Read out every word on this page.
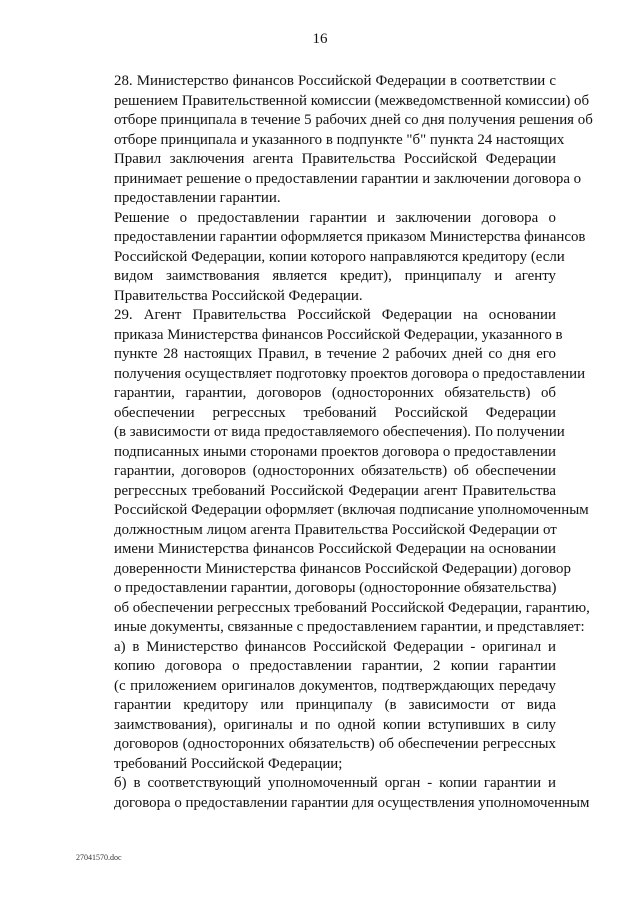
16
28. Министерство финансов Российской Федерации в соответствии с
решением Правительственной комиссии (межведомственной комиссии) об
отборе принципала в течение 5 рабочих дней со дня получения решения об
отборе принципала и указанного в подпункте "б" пункта 24 настоящих
Правил заключения агента Правительства Российской Федерации
принимает решение о предоставлении гарантии и заключении договора о
предоставлении гарантии.
Решение о предоставлении гарантии и заключении договора о
предоставлении гарантии оформляется приказом Министерства финансов
Российской Федерации, копии которого направляются кредитору (если
видом заимствования является кредит), принципалу и агенту
Правительства Российской Федерации.
29. Агент Правительства Российской Федерации на основании
приказа Министерства финансов Российской Федерации, указанного в
пункте 28 настоящих Правил, в течение 2 рабочих дней со дня его
получения осуществляет подготовку проектов договора о предоставлении
гарантии, гарантии, договоров (односторонних обязательств) об
обеспечении регрессных требований Российской Федерации
(в зависимости от вида предоставляемого обеспечения). По получении
подписанных иными сторонами проектов договора о предоставлении
гарантии, договоров (односторонних обязательств) об обеспечении
регрессных требований Российской Федерации агент Правительства
Российской Федерации оформляет (включая подписание уполномоченным
должностным лицом агента Правительства Российской Федерации от
имени Министерства финансов Российской Федерации на основании
доверенности Министерства финансов Российской Федерации) договор
о предоставлении гарантии, договоры (односторонние обязательства)
об обеспечении регрессных требований Российской Федерации, гарантию,
иные документы, связанные с предоставлением гарантии, и представляет:
а) в Министерство финансов Российской Федерации - оригинал и
копию договора о предоставлении гарантии, 2 копии гарантии
(с приложением оригиналов документов, подтверждающих передачу
гарантии кредитору или принципалу (в зависимости от вида
заимствования), оригиналы и по одной копии вступивших в силу
договоров (односторонних обязательств) об обеспечении регрессных
требований Российской Федерации;
б) в соответствующий уполномоченный орган - копии гарантии и
договора о предоставлении гарантии для осуществления уполномоченным
27041570.doc
